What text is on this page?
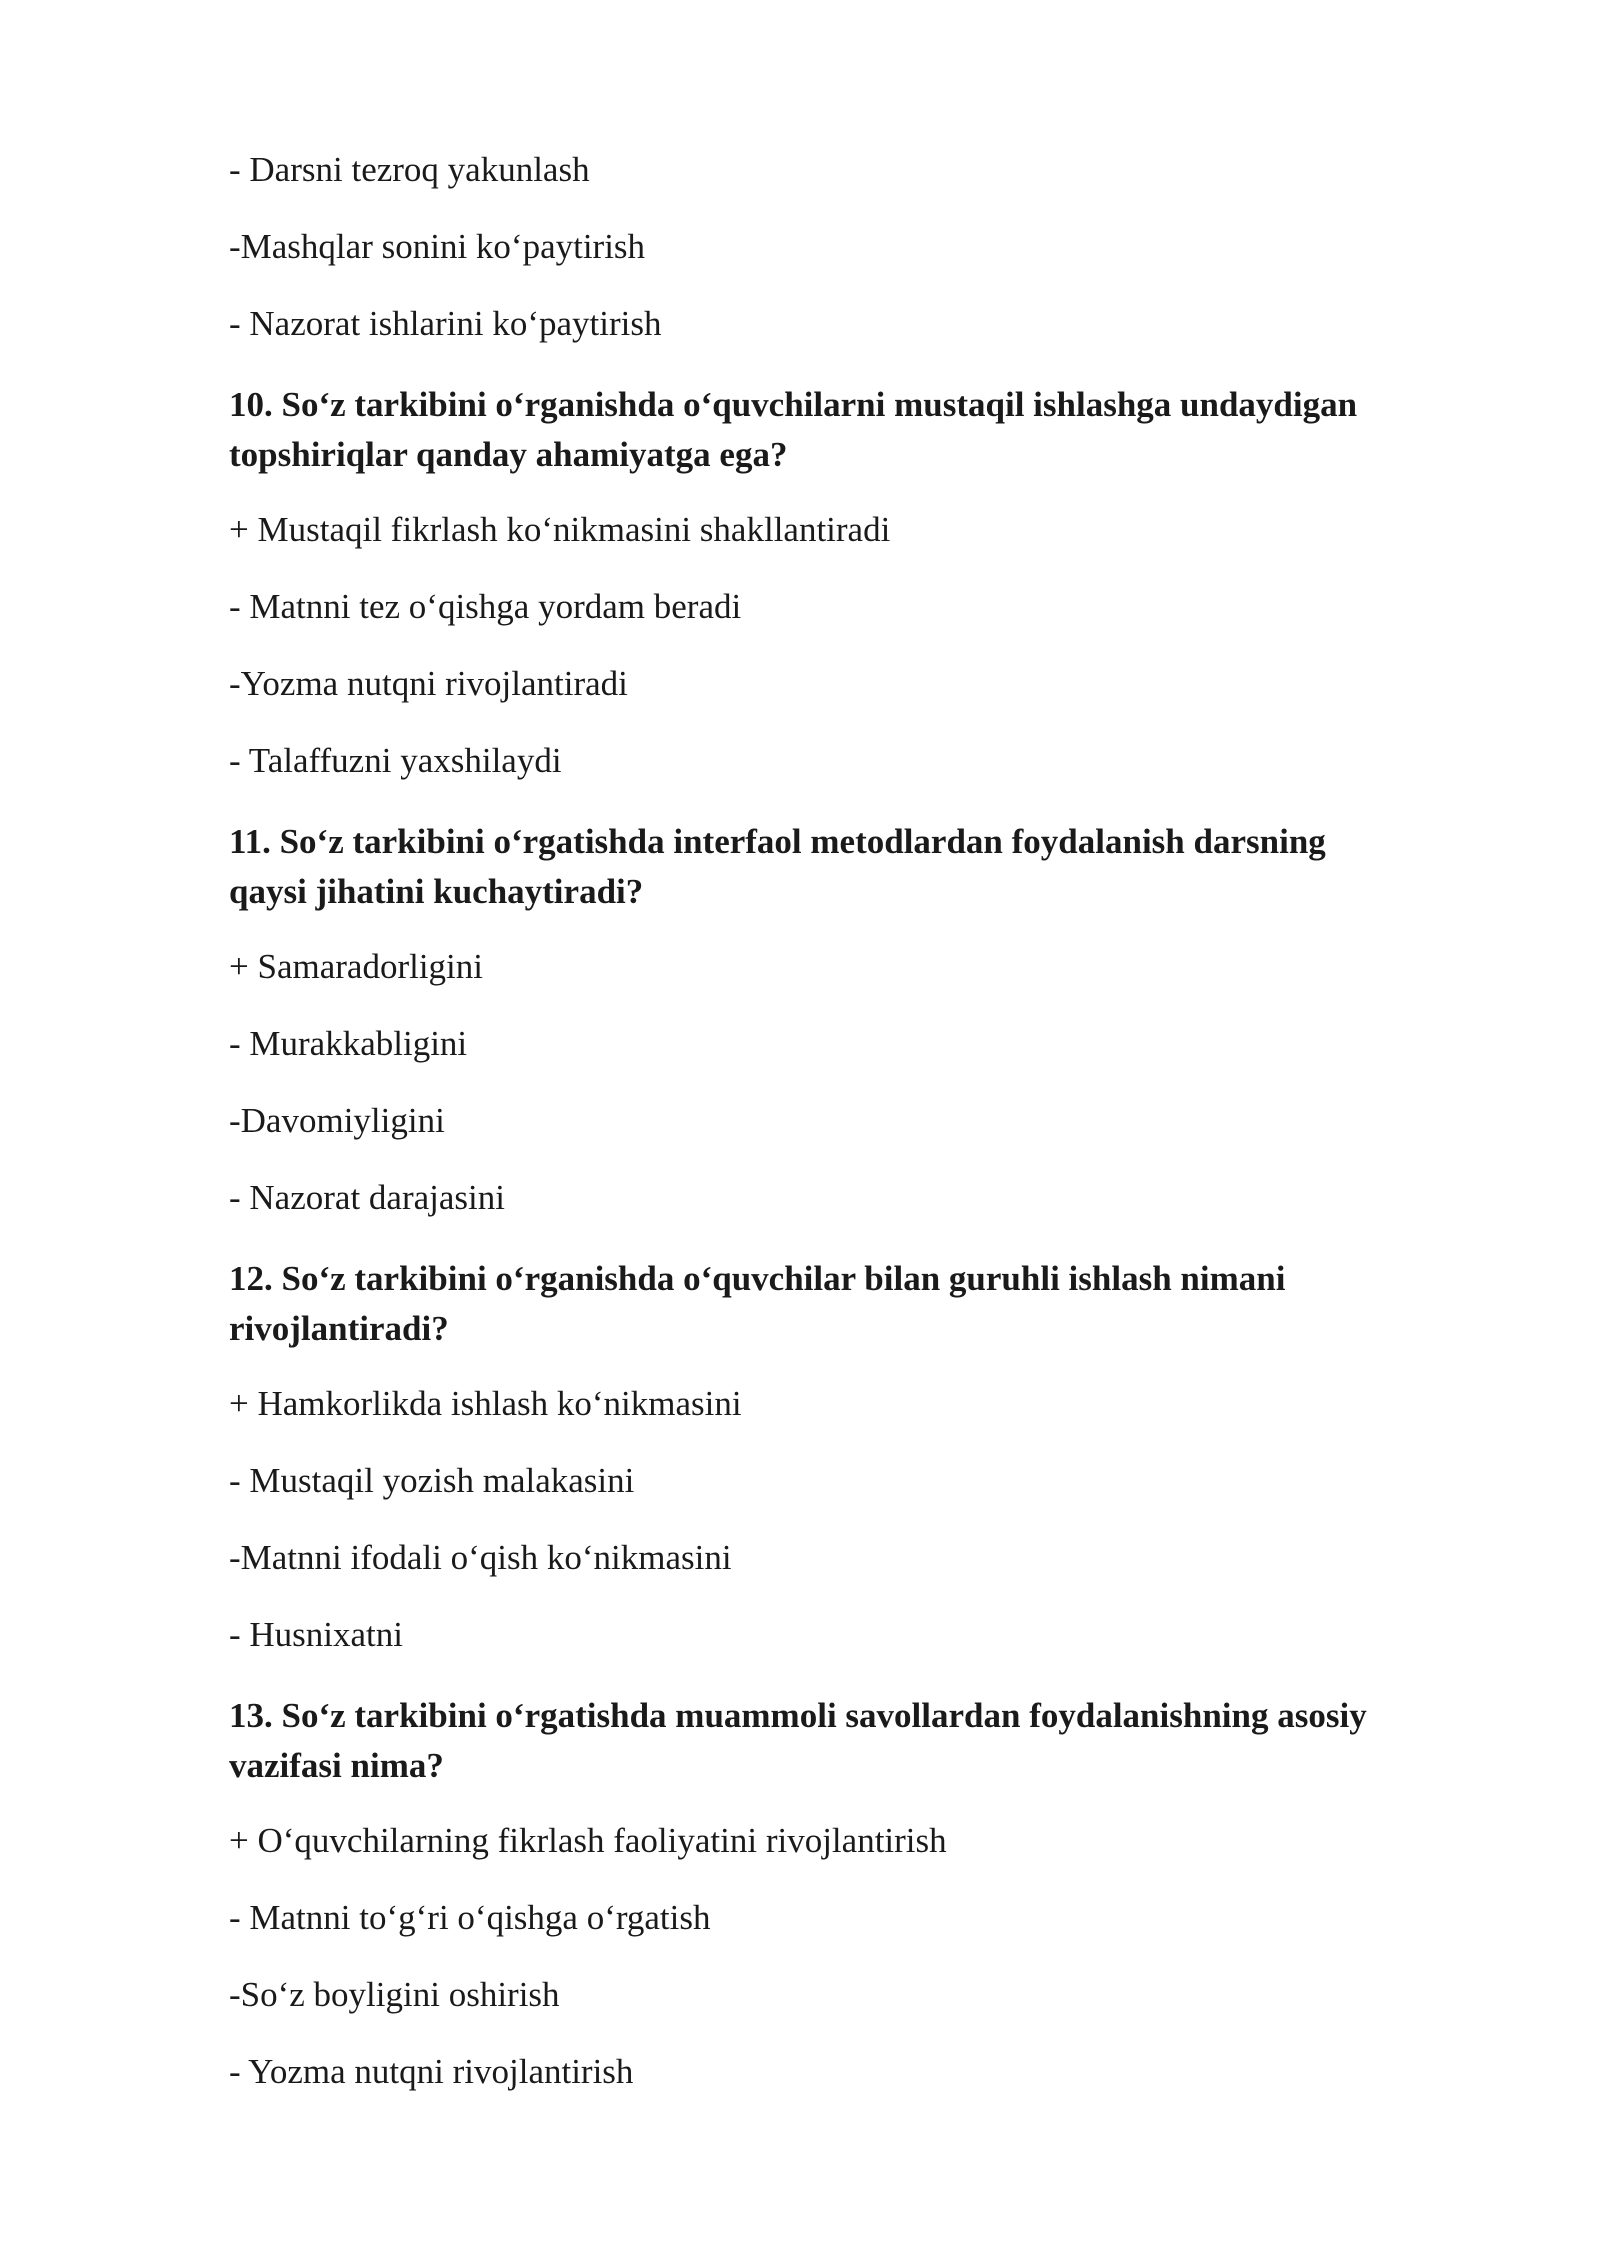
- Darsni tezroq yakunlash

-Mashqlar sonini koʻpaytirish

- Nazorat ishlarini koʻpaytirish

10. Soʻz tarkibini oʻrganishda oʻquvchilarni mustaqil ishlashga undaydigan

topshiriqlar qanday ahamiyatga ega?

+ Mustaqil fikrlash koʻnikmasini shakllantiradi

- Matnni tez oʻqishga yordam beradi

-Yozma nutqni rivojlantiradi

- Talaffuzni yaxshilaydi

11. Soʻz tarkibini oʻrgatishda interfaol metodlardan foydalanish darsning

qaysi jihatini kuchaytiradi?

+ Samaradorligini

- Murakkabligini

-Davomiyligini

- Nazorat darajasini

12. Soʻz tarkibini oʻrganishda oʻquvchilar bilan guruhli ishlash nimani

rivojlantiradi?

+ Hamkorlikda ishlash koʻnikmasini

- Mustaqil yozish malakasini

-Matnni ifodali oʻqish koʻnikmasini

- Husnixatni

13. Soʻz tarkibini oʻrgatishda muammoli savollardan foydalanishning asosiy

vazifasi nima?

+ Oʻquvchilarning fikrlash faoliyatini rivojlantirish

- Matnni toʻgʻri oʻqishga oʻrgatish

-Soʻz boyligini oshirish

- Yozma nutqni rivojlantirish
